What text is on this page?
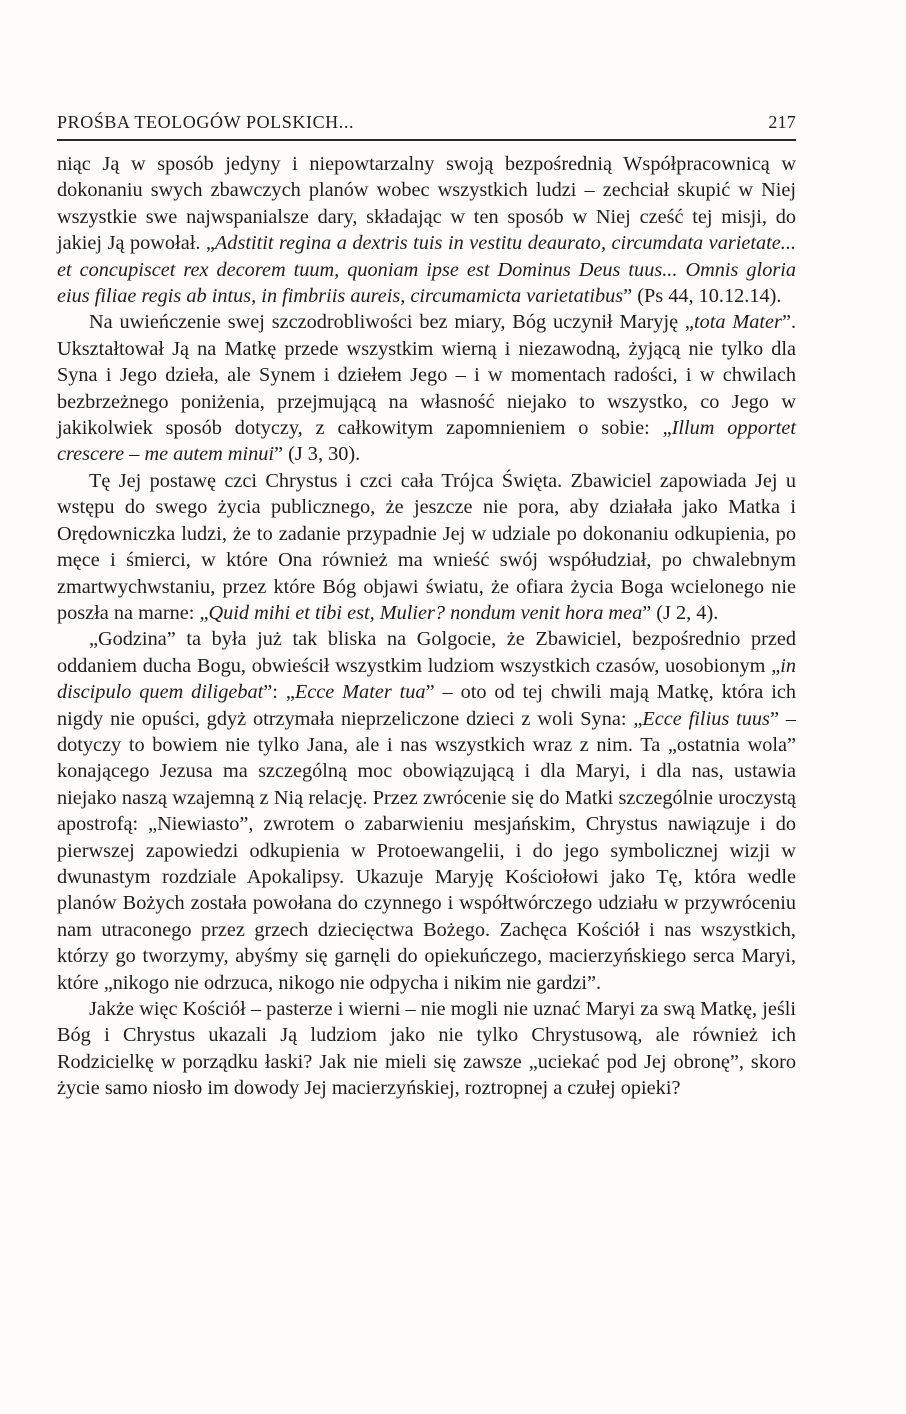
PROŚBA TEOLOGÓW POLSKICH...	217

niąc Ją w sposób jedyny i niepowtarzalny swoją bezpośrednią Współpracownicą w dokonaniu swych zbawczych planów wobec wszystkich ludzi – zechciał skupić w Niej wszystkie swe najwspanialsze dary, składając w ten sposób w Niej cześć tej misji, do jakiej Ją powołał. „Adstitit regina a dextris tuis in vestitu deaurato, circumdata varietate... et concupiscet rex decorem tuum, quoniam ipse est Dominus Deus tuus... Omnis gloria eius filiae regis ab intus, in fimbriis aureis, circumamicta varietatibus” (Ps 44, 10.12.14).

Na uwieńczenie swej szczodrobliwości bez miary, Bóg uczynił Maryję „tota Mater”. Ukształtował Ją na Matkę przede wszystkim wierną i niezawodną, żyjącą nie tylko dla Syna i Jego dzieła, ale Synem i dziełem Jego – i w momentach radości, i w chwilach bezbrzeżnego poniżenia, przejmującą na własność niejako to wszystko, co Jego w jakikolwiek sposób dotyczy, z całkowitym zapomnieniem o sobie: „Illum opportet crescere – me autem minui” (J 3, 30).

Tę Jej postawę czci Chrystus i czci cała Trójca Święta. Zbawiciel zapowiada Jej u wstępu do swego życia publicznego, że jeszcze nie pora, aby działała jako Matka i Orędowniczka ludzi, że to zadanie przypadnie Jej w udziale po dokonaniu odkupienia, po męce i śmierci, w które Ona również ma wnieść swój współudział, po chwalebnym zmartwychwstaniu, przez które Bóg objawi światu, że ofiara życia Boga wcielonego nie poszła na marne: „Quid mihi et tibi est, Mulier? nondum venit hora mea” (J 2, 4).

„Godzina” ta była już tak bliska na Golgocie, że Zbawiciel, bezpośrednio przed oddaniem ducha Bogu, obwieścił wszystkim ludziom wszystkich czasów, uosobionym „in discipulo quem diligebat”: „Ecce Mater tua” – oto od tej chwili mają Matkę, która ich nigdy nie opuści, gdyż otrzymała nieprzeliczone dzieci z woli Syna: „Ecce filius tuus” – dotyczy to bowiem nie tylko Jana, ale i nas wszystkich wraz z nim. Ta „ostatnia wola” konającego Jezusa ma szczególną moc obowiązującą i dla Maryi, i dla nas, ustawia niejako naszą wzajemną z Nią relację. Przez zwrócenie się do Matki szczególnie uroczystą apostrofą: „Niewiasto”, zwrotem o zabarwieniu mesjańskim, Chrystus nawiązuje i do pierwszej zapowiedzi odkupienia w Protoewangelii, i do jego symbolicznej wizji w dwunastym rozdziale Apokalipsy. Ukazuje Maryję Kościołowi jako Tę, która wedle planów Bożych została powołana do czynnego i współtwórczego udziału w przywróceniu nam utraconego przez grzech dziecięctwa Bożego. Zachęca Kościół i nas wszystkich, którzy go tworzymy, abyśmy się garnęli do opiekuńczego, macierzyńskiego serca Maryi, które „nikogo nie odrzuca, nikogo nie odpycha i nikim nie gardzi”.

Jakże więc Kościół – pasterze i wierni – nie mogli nie uznać Maryi za swą Matkę, jeśli Bóg i Chrystus ukazali Ją ludziom jako nie tylko Chrystusową, ale również ich Rodzicielkę w porządku łaski? Jak nie mieli się zawsze „uciekać pod Jej obronę”, skoro życie samo niosło im dowody Jej macierzyńskiej, roztropnej a czułej opieki?
